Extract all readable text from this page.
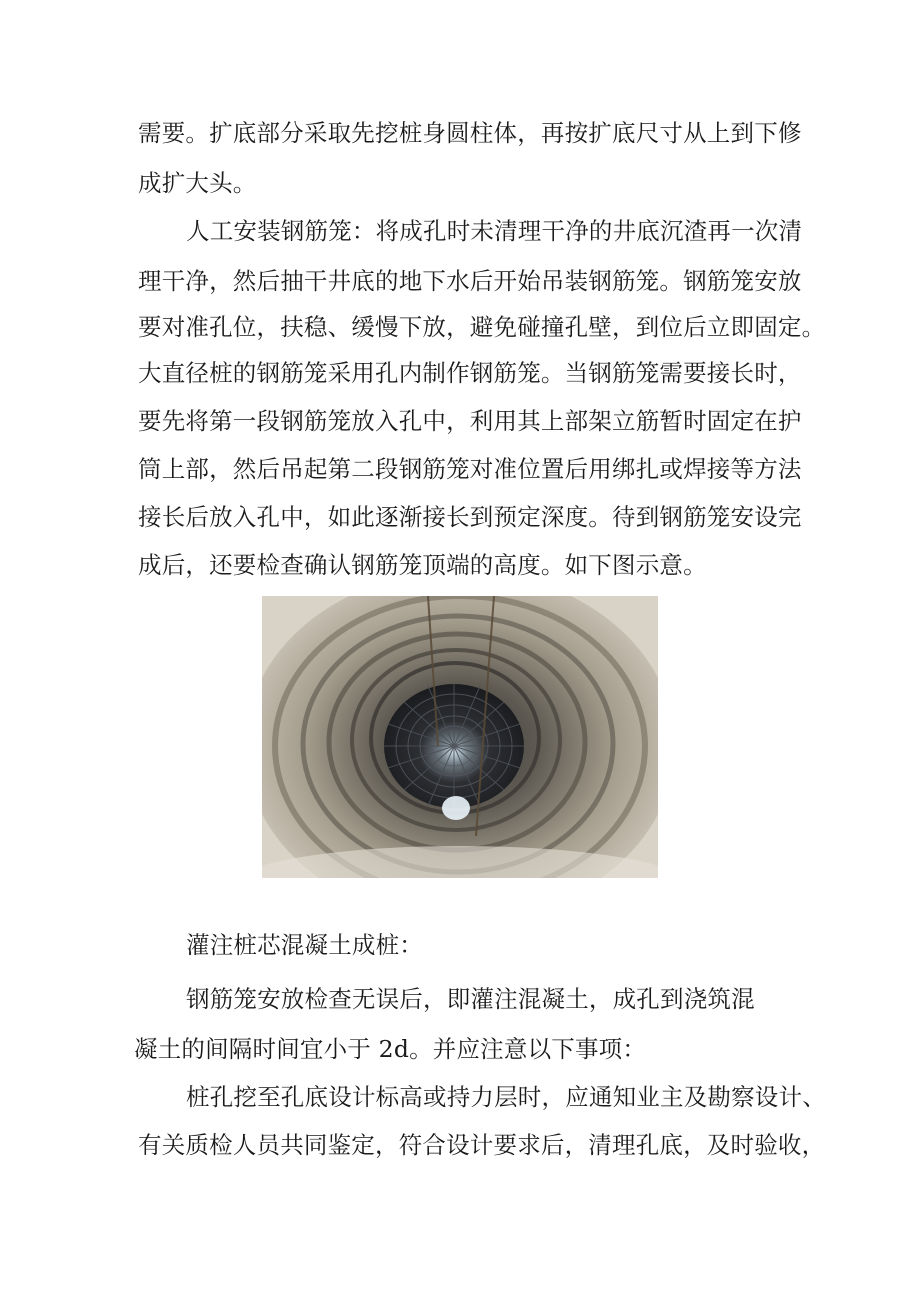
需要。扩底部分采取先挖桩身圆柱体，再按扩底尺寸从上到下修
成扩大头。
人工安装钢筋笼：将成孔时未清理干净的井底沉渣再一次清
理干净，然后抽干井底的地下水后开始吊装钢筋笼。钢筋笼安放
要对准孔位，扶稳、缓慢下放，避免碰撞孔壁，到位后立即固定。
大直径桩的钢筋笼采用孔内制作钢筋笼。当钢筋笼需要接长时，
要先将第一段钢筋笼放入孔中，利用其上部架立筋暂时固定在护
筒上部，然后吊起第二段钢筋笼对准位置后用绑扎或焊接等方法
接长后放入孔中，如此逐渐接长到预定深度。待到钢筋笼安设完
成后，还要检查确认钢筋笼顶端的高度。如下图示意。
灌注桩芯混凝土成桩：
钢筋笼安放检查无误后，即灌注混凝土，成孔到浇筑混
凝土的间隔时间宜小于 2d。并应注意以下事项：
桩孔挖至孔底设计标高或持力层时，应通知业主及勘察设计、
有关质检人员共同鉴定，符合设计要求后，清理孔底，及时验收，
